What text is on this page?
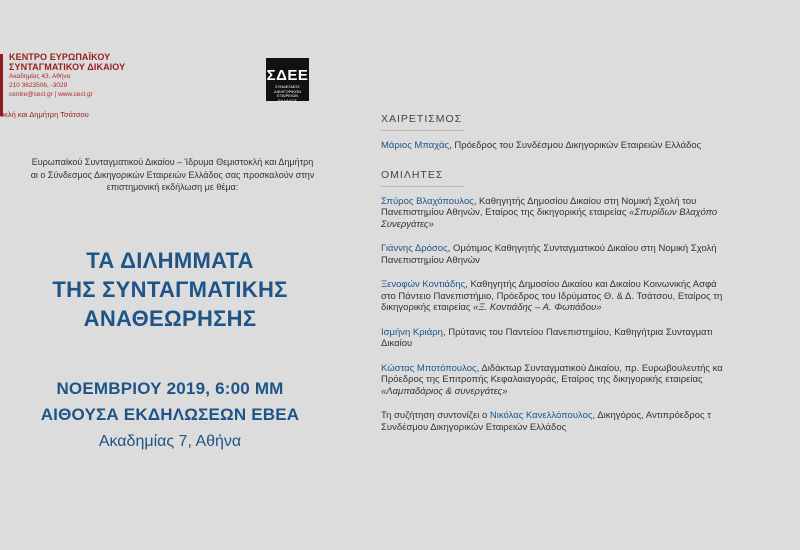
ΚΕΝΤΡΟ ΕΥΡΩΠΑΪΚΟΥ
ΣΥΝΤΑΓΜΑΤΙΚΟΥ ΔΙΚΑΙΟΥ
Ακαδημίας 43, Αθήνα
210 3623506, -3029
centre@cecl.gr | www.cecl.gr
οκλή και Δημήτρη Τσάτσου
ΣΔΕΕ
ΣΥΝΔΕΣΜΟΣ
ΔΙΚΗΓΟΡΙΚΩΝ
ΕΤΑΙΡΕΙΩΝ
ΕΛΛΑΔΟΣ
Ευρωπαϊκού Συνταγματικού Δικαίου – Ίδρυμα Θεμιστοκλή και Δημήτρη
αι ο Σύνδεσμος Δικηγορικών Εταιρειών Ελλάδος σας προσκαλούν στην
επιστημονική εκδήλωση με θέμα:
ΤΑ ΔΙΛΗΜΜΑΤΑ
ΤΗΣ ΣΥΝΤΑΓΜΑΤΙΚΗΣ
ΑΝΑΘΕΩΡΗΣΗΣ
ΝΟΕΜΒΡΙΟΥ 2019, 6:00 ΜΜ
ΑΙΘΟΥΣΑ ΕΚΔΗΛΩΣΕΩΝ ΕΒΕΑ
Ακαδημίας 7, Αθήνα
ΧΑΙΡΕΤΙΣΜΟΣ
Μάριος Μπαχάς, Πρόεδρος του Συνδέσμου Δικηγορικών Εταιρειών Ελλάδος
ΟΜΙΛΗΤΕΣ
Σπύρος Βλαχόπουλος, Καθηγητής Δημοσίου Δικαίου στη Νομική Σχολή του
Πανεπιστημίου Αθηνών, Εταίρος της δικηγορικής εταιρείας «Σπυρίδων Βλαχόπο
Συνεργάτες»
Γιάννης Δρόσος, Ομότιμος Καθηγητής Συνταγματικού Δικαίου στη Νομική Σχολή
Πανεπιστημίου Αθηνών
Ξενοφών Κοντιάδης, Καθηγητής Δημοσίου Δικαίου και Δικαίου Κοινωνικής Ασφά
στο Πάντειο Πανεπιστήμιο, Πρόεδρος του Ιδρύματος Θ. & Δ. Τσάτσου, Εταίρος τη
δικηγορικής εταιρείας «Ξ. Κοντιάδης – Α. Φωτιάδου»
Ισμήνη Κριάρη, Πρύτανις του Παντείου Πανεπιστημίου, Καθηγήτρια Συνταγματι
Δικαίου
Κώστας Μποτόπουλος, Διδάκτωρ Συνταγματικού Δικαίου, πρ. Ευρωβουλευτής κα
Πρόεδρος της Επιτροπής Κεφαλαιαγοράς, Εταίρος της δικηγορικής εταιρείας
«Λαμπαδάριος & συνεργάτες»
Τη συζήτηση συντονίζει ο Νικόλας Κανελλόπουλος, Δικηγόρος, Αντιπρόεδρος τ
Συνδέσμου Δικηγορικών Εταιρειών Ελλάδος
